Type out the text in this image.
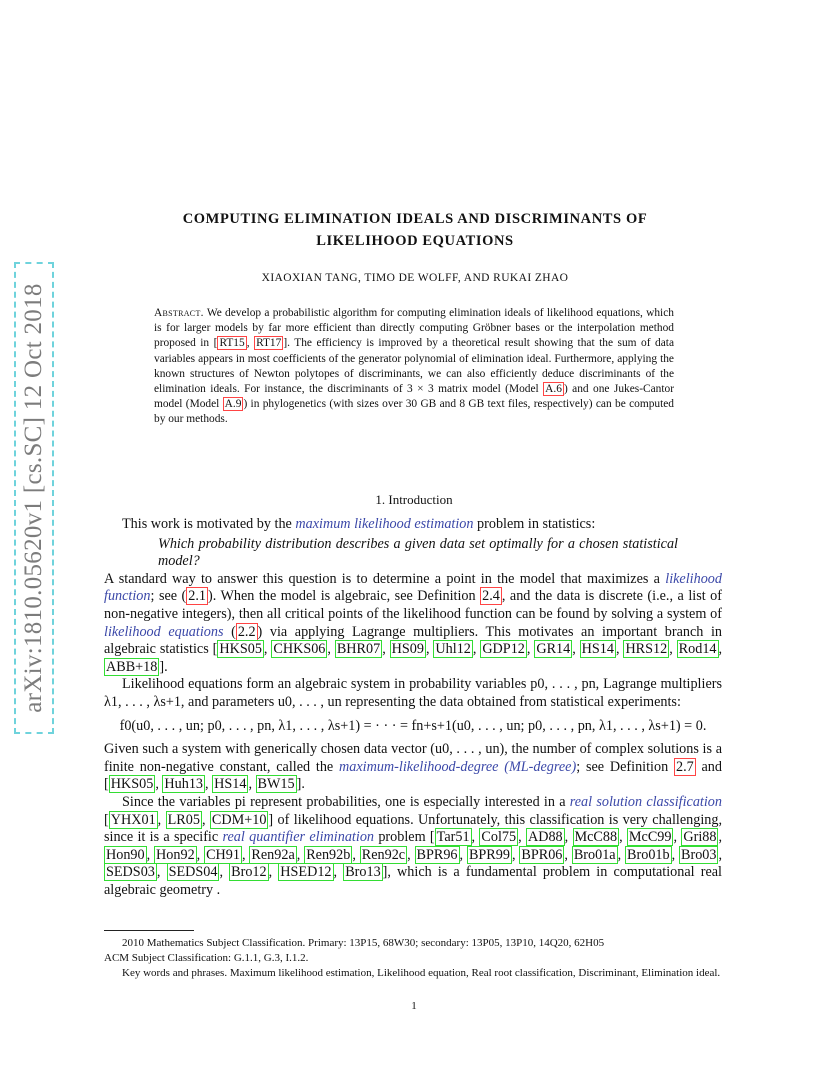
arXiv:1810.05620v1 [cs.SC] 12 Oct 2018
COMPUTING ELIMINATION IDEALS AND DISCRIMINANTS OF
LIKELIHOOD EQUATIONS
XIAOXIAN TANG, TIMO DE WOLFF, AND RUKAI ZHAO
Abstract. We develop a probabilistic algorithm for computing elimination ideals of likelihood equations, which is for larger models by far more efficient than directly computing Gröbner bases or the interpolation method proposed in [ RT15 , RT17 ]. The efficiency is improved by a theoretical result showing that the sum of data variables appears in most coefficients of the generator polynomial of elimination ideal. Furthermore, applying the known structures of Newton polytopes of discriminants, we can also efficiently deduce discriminants of the elimination ideals. For instance, the discriminants of 3 × 3 matrix model (Model A.6 ) and one Jukes-Cantor model (Model A.9 ) in phylogenetics (with sizes over 30 GB and 8 GB text files, respectively) can be computed by our methods.
1. Introduction

This work is motivated by the maximum likelihood estimation problem in statistics:

Which probability distribution describes a given data set optimally for a chosen statistical model?

A standard way to answer this question is to determine a point in the model that maximizes a likelihood function; see ( 2.1 ). When the model is algebraic, see Definition 2.4 , and the data is discrete (i.e., a list of non-negative integers), then all critical points of the likelihood function can be found by solving a system of likelihood equations ( 2.2 ) via applying Lagrange multipliers. This motivates an important branch in algebraic statistics [ HKS05 , CHKS06 , BHR07 , HS09 , Uhl12 , GDP12 , GR14 , HS14 , HRS12 , Rod14 , ABB+18 ].

Likelihood equations form an algebraic system in probability variables p0, . . . , pn, Lagrange multipliers λ1, . . . , λs+1, and parameters u0, . . . , un representing the data obtained from statistical experiments:

f0(u0, . . . , un; p0, . . . , pn, λ1, . . . , λs+1) = · · · = fn+s+1(u0, . . . , un; p0, . . . , pn, λ1, . . . , λs+1) = 0.

Given such a system with generically chosen data vector (u0, . . . , un), the number of complex solutions is a finite non-negative constant, called the maximum-likelihood-degree (ML-degree); see Definition 2.7 and [ HKS05 , Huh13 , HS14 , BW15 ].

Since the variables pi represent probabilities, one is especially interested in a real solution classification [ YHX01 , LR05 , CDM+10 ] of likelihood equations. Unfortunately, this classification is very challenging, since it is a specific real quantifier elimination problem [ Tar51 , Col75 , AD88 , McC88 , McC99 , Gri88 , Hon90 , Hon92 , CH91 , Ren92a , Ren92b , Ren92c , BPR96 , BPR99 , BPR06 , Bro01a , Bro01b , Bro03 , SEDS03 , SEDS04 , Bro12 , HSED12 , Bro13 ], which is a fundamental problem in computational real algebraic geometry .

2010 Mathematics Subject Classification. Primary: 13P15, 68W30; secondary: 13P05, 13P10, 14Q20, 62H05

ACM Subject Classification: G.1.1, G.3, I.1.2.

Key words and phrases. Maximum likelihood estimation, Likelihood equation, Real root classification, Discriminant, Elimination ideal.

1
